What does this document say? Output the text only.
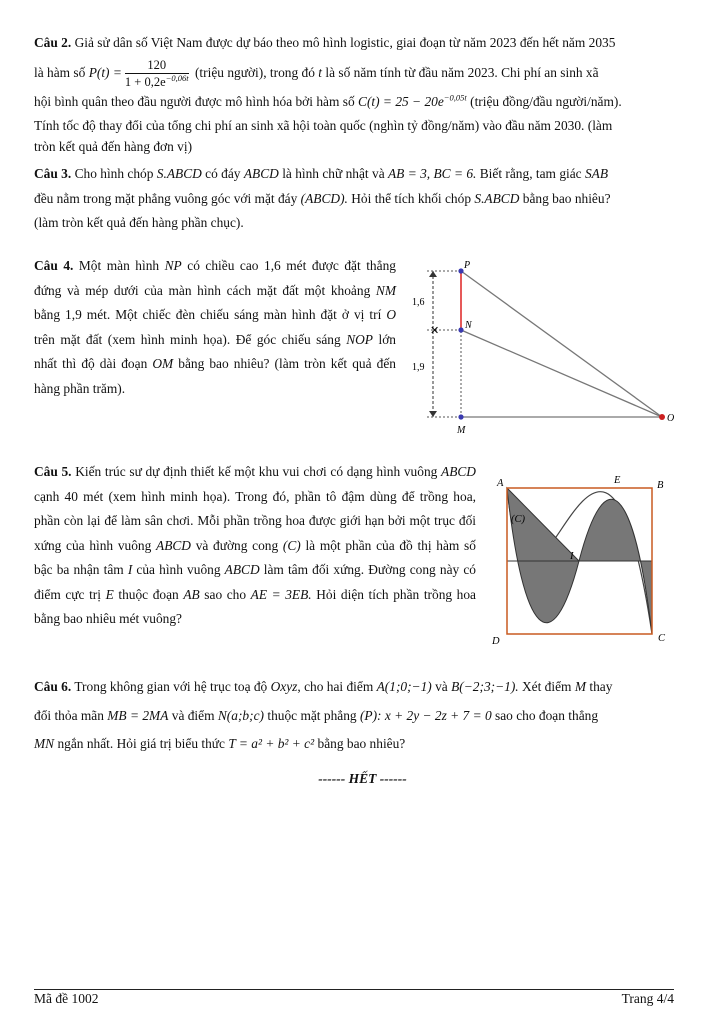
Câu 2. Giả sử dân số Việt Nam được dự báo theo mô hình logistic, giai đoạn từ năm 2023 đến hết năm 2035
là hàm số $P(t) = \frac{120}{1 + 0,2e^{-0,06t}}$ (triệu người), trong đó t là số năm tính từ đầu năm 2023. Chi phí an sinh xã
hội bình quân theo đầu người được mô hình hóa bởi hàm số $C(t) = 25 - 20e^{-0,05t}$ (triệu đồng/đầu người/năm).
Tính tốc độ thay đổi của tổng chi phí an sinh xã hội toàn quốc (nghìn tỷ đồng/năm) vào đầu năm 2030. (làm
tròn kết quả đến hàng đơn vị)
Câu 3. Cho hình chóp S.ABCD có đáy ABCD là hình chữ nhật và AB = 3, BC = 6. Biết rằng, tam giác SAB
đều nằm trong mặt phẳng vuông góc với mặt đáy (ABCD). Hỏi thể tích khối chóp S.ABCD bằng bao nhiêu?
(làm tròn kết quả đến hàng phần chục).
Câu 4. Một màn hình NP có chiều cao 1,6 mét được đặt thẳng đứng và mép dưới của màn hình cách mặt đất một khoảng NM bằng 1,9 mét. Một chiếc đèn chiếu sáng màn hình đặt ở vị trí O trên mặt đất (xem hình minh họa). Để góc chiếu sáng NOP lớn nhất thì độ dài đoạn OM bằng bao nhiêu? (làm tròn kết quả đến hàng phần trăm).
✕
P
N
M
O
1,6
1,9
Câu 5. Kiến trúc sư dự định thiết kế một khu vui chơi có dạng hình vuông ABCD cạnh 40 mét (xem hình minh họa). Trong đó, phần tô đậm dùng để trồng hoa, phần còn lại để làm sân chơi. Mỗi phần trồng hoa được giới hạn bởi một trục đối xứng của hình vuông ABCD và đường cong (C) là một phần của đồ thị hàm số bậc ba nhận tâm I của hình vuông ABCD làm tâm đối xứng. Đường cong này có điểm cực trị E thuộc đoạn AB sao cho AE = 3EB. Hỏi diện tích phần trồng hoa bằng bao nhiêu mét vuông?
A	B
C
D
E
I
(C)
Câu 6. Trong không gian với hệ trục toạ độ Oxyz, cho hai điểm A(1;0;−1) và B(−2;3;−1). Xét điểm M thay
đổi thỏa mãn MB = 2MA và điểm N(a;b;c) thuộc mặt phẳng (P): x + 2y − 2z + 7 = 0 sao cho đoạn thẳng
MN ngắn nhất. Hỏi giá trị biểu thức T = a² + b² + c² bằng bao nhiêu?
------ HẾT ------
Mã đề 1002	Trang 4/4
